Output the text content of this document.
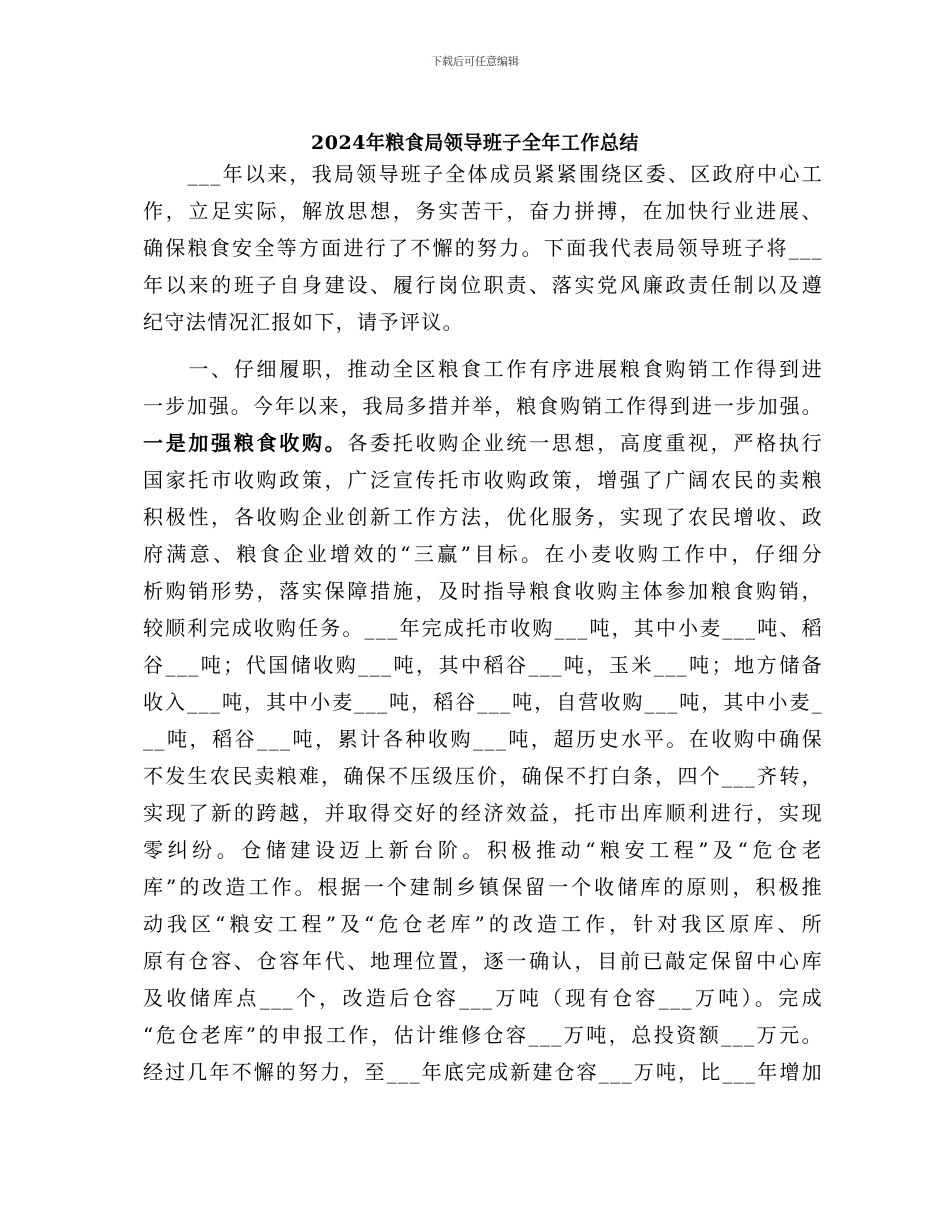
下载后可任意编辑
2024年粮食局领导班子全年工作总结
　　___年以来，我局领导班子全体成员紧紧围绕区委、区政府中心工
作，立足实际，解放思想，务实苦干，奋力拼搏，在加快行业进展、
确保粮食安全等方面进行了不懈的努力。下面我代表局领导班子将___
年以来的班子自身建设、履行岗位职责、落实党风廉政责任制以及遵
纪守法情况汇报如下，请予评议。
　　一、仔细履职，推动全区粮食工作有序进展粮食购销工作得到进
一步加强。今年以来，我局多措并举，粮食购销工作得到进一步加强。
一是加强粮食收购。各委托收购企业统一思想，高度重视，严格执行
国家托市收购政策，广泛宣传托市收购政策，增强了广阔农民的卖粮
积极性，各收购企业创新工作方法，优化服务，实现了农民增收、政
府满意、粮食企业增效的“三赢”目标。在小麦收购工作中，仔细分
析购销形势，落实保障措施，及时指导粮食收购主体参加粮食购销，
较顺利完成收购任务。___年完成托市收购___吨，其中小麦___吨、稻
谷___吨；代国储收购___吨，其中稻谷___吨，玉米___吨；地方储备
收入___吨，其中小麦___吨，稻谷___吨，自营收购___吨，其中小麦_
__吨，稻谷___吨，累计各种收购___吨，超历史水平。在收购中确保
不发生农民卖粮难，确保不压级压价，确保不打白条，四个___齐转，
实现了新的跨越，并取得交好的经济效益，托市出库顺利进行，实现
零纠纷。仓储建设迈上新台阶。积极推动“粮安工程”及“危仓老
库”的改造工作。根据一个建制乡镇保留一个收储库的原则，积极推
动我区“粮安工程”及“危仓老库”的改造工作，针对我区原库、所
原有仓容、仓容年代、地理位置，逐一确认，目前已敲定保留中心库
及收储库点___个，改造后仓容___万吨（现有仓容___万吨）。完成
“危仓老库”的申报工作，估计维修仓容___万吨，总投资额___万元。
经过几年不懈的努力，至___年底完成新建仓容___万吨，比___年增加
